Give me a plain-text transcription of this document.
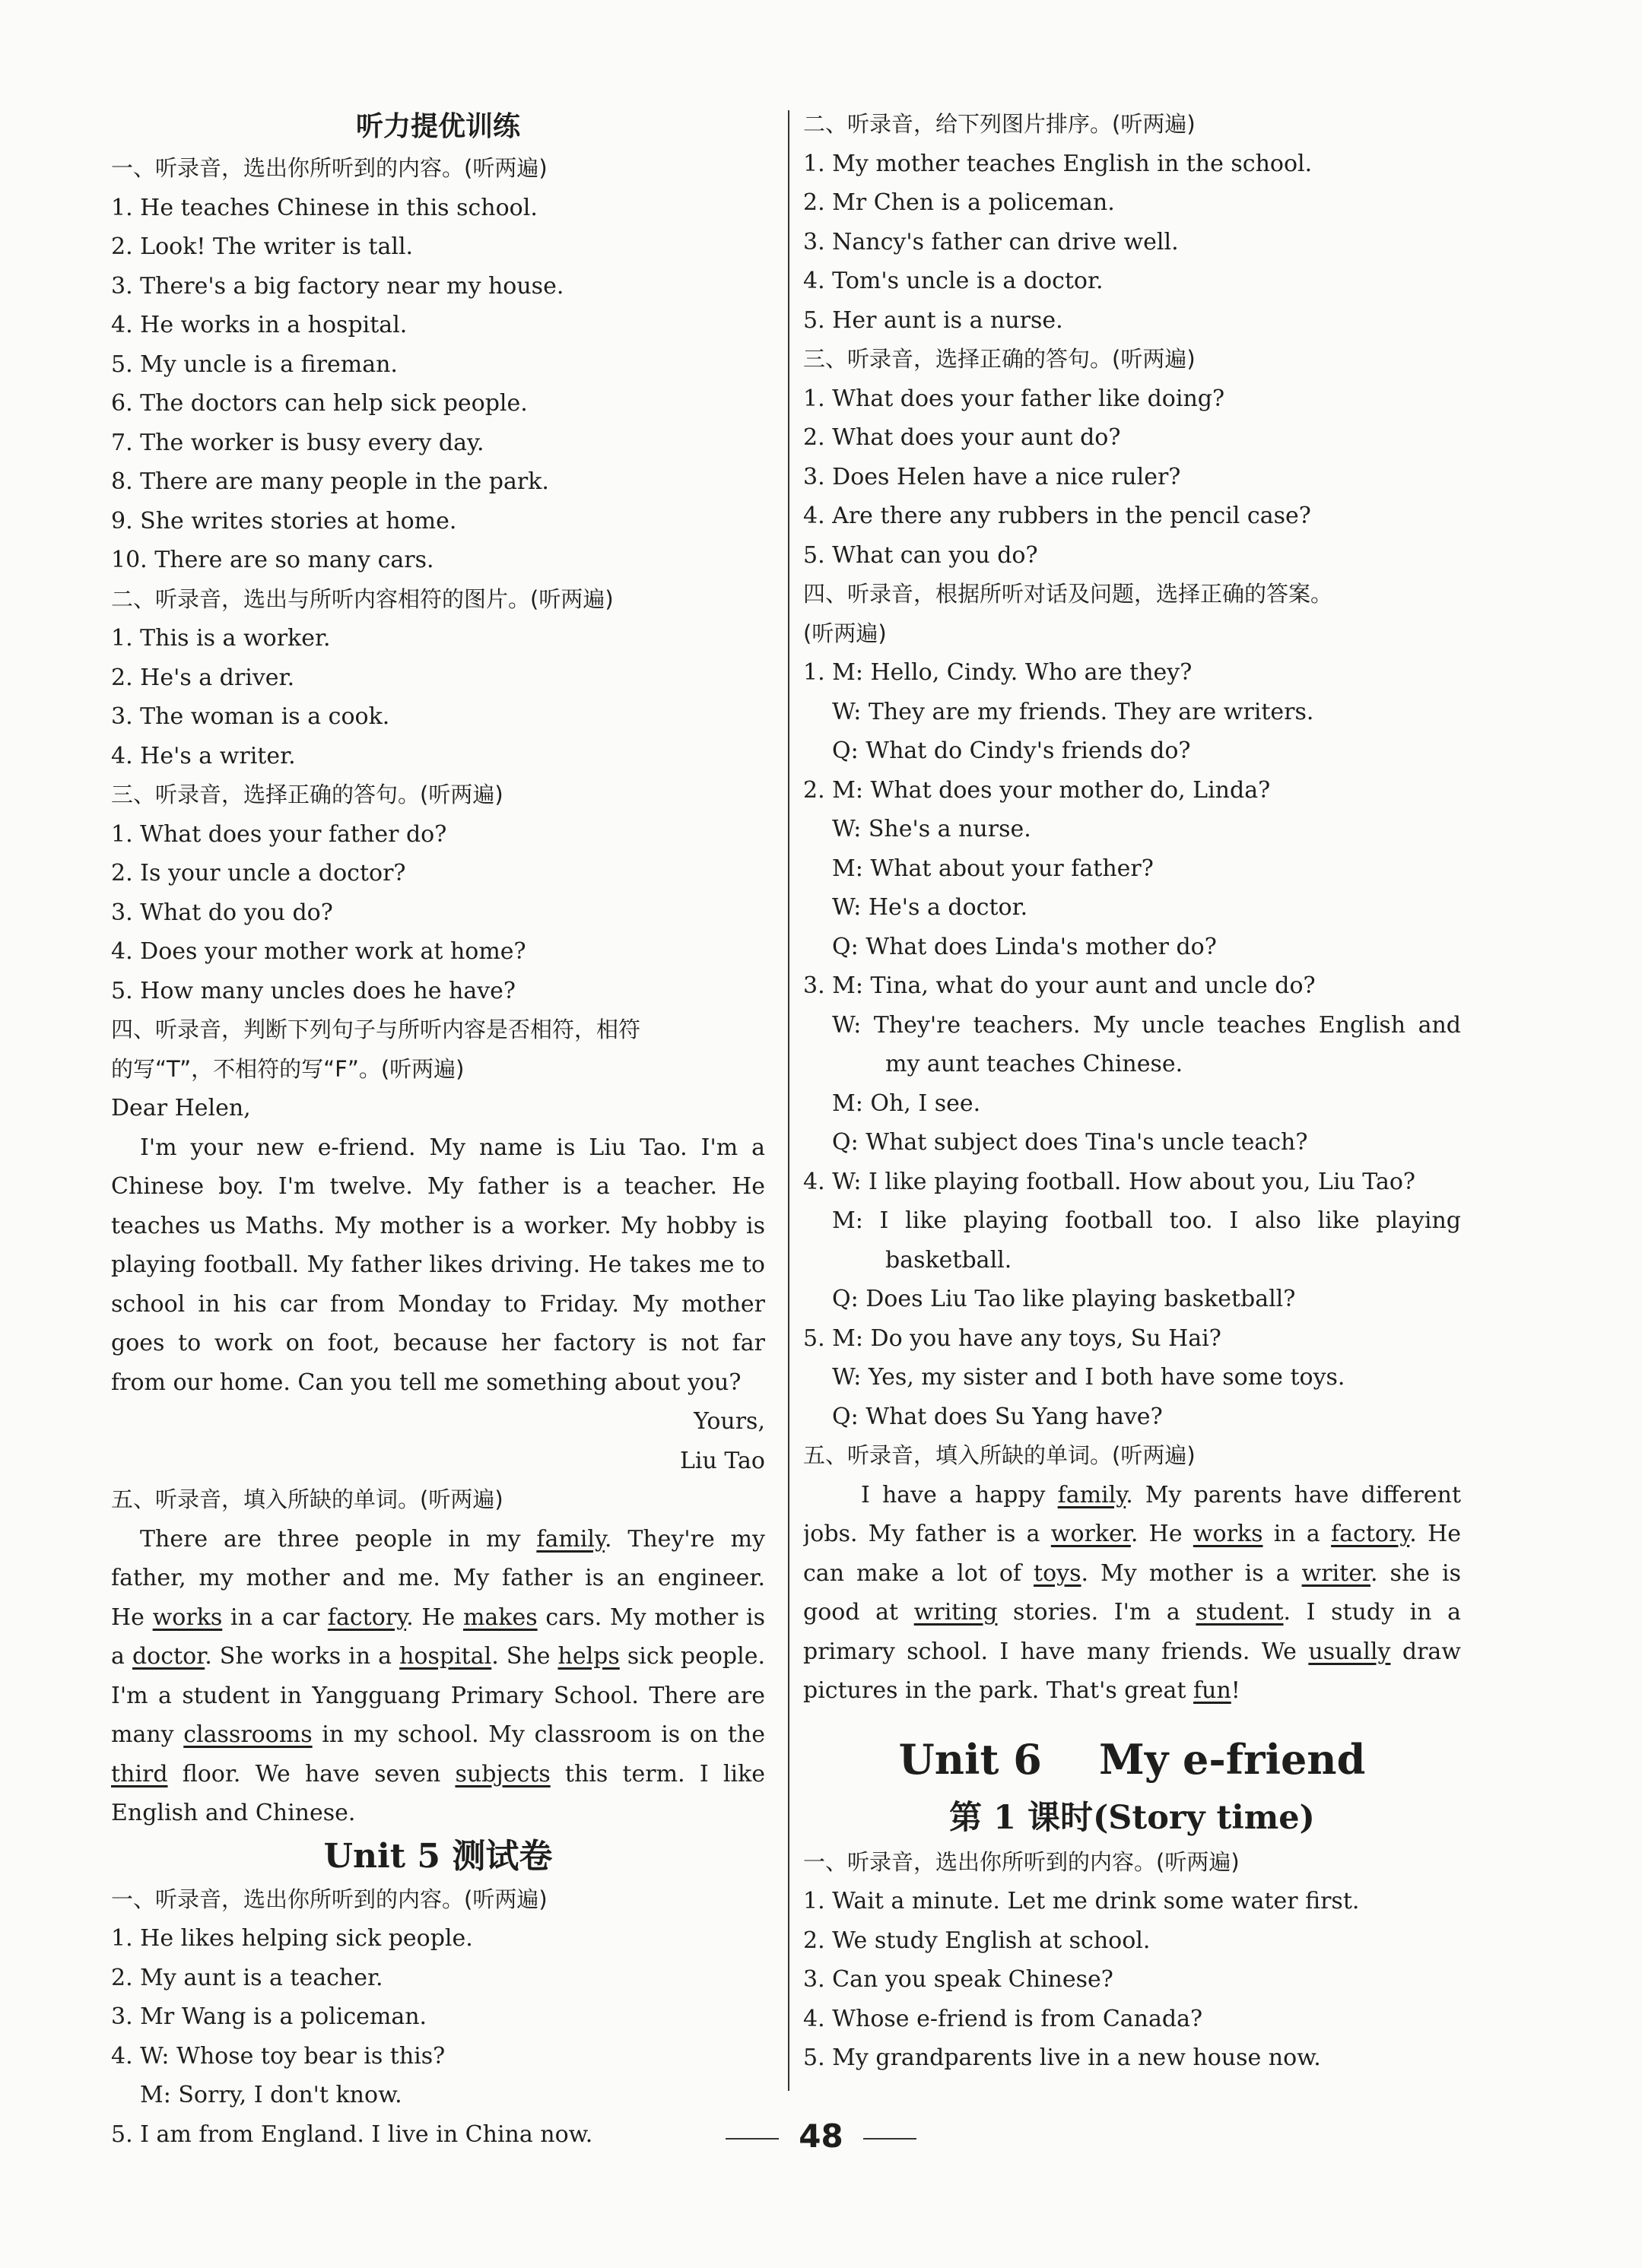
听力提优训练
一、听录音，选出你所听到的内容。(听两遍)
1. He teaches Chinese in this school.
2. Look! The writer is tall.
3. There's a big factory near my house.
4. He works in a hospital.
5. My uncle is a fireman.
6. The doctors can help sick people.
7. The worker is busy every day.
8. There are many people in the park.
9. She writes stories at home.
10. There are so many cars.
二、听录音，选出与所听内容相符的图片。(听两遍)
1. This is a worker.
2. He's a driver.
3. The woman is a cook.
4. He's a writer.
三、听录音，选择正确的答句。(听两遍)
1. What does your father do?
2. Is your uncle a doctor?
3. What do you do?
4. Does your mother work at home?
5. How many uncles does he have?
四、听录音，判断下列句子与所听内容是否相符，相符
的写“T”，不相符的写“F”。(听两遍)
Dear Helen,
I'm your new e-friend. My name is Liu Tao. I'm a
Chinese boy. I'm twelve. My father is a teacher. He
teaches us Maths. My mother is a worker. My hobby is
playing football. My father likes driving. He takes me to
school in his car from Monday to Friday. My mother
goes to work on foot, because her factory is not far
from our home. Can you tell me something about you?
Yours,
Liu Tao
五、听录音，填入所缺的单词。(听两遍)
There are three people in my family. They're my
father, my mother and me. My father is an engineer.
He works in a car factory. He makes cars. My mother is
a doctor. She works in a hospital. She helps sick people.
I'm a student in Yangguang Primary School. There are
many classrooms in my school. My classroom is on the
third floor. We have seven subjects this term. I like
English and Chinese.
Unit 5 测试卷
一、听录音，选出你所听到的内容。(听两遍)
1. He likes helping sick people.
2. My aunt is a teacher.
3. Mr Wang is a policeman.
4. W: Whose toy bear is this?
M: Sorry, I don't know.
5. I am from England. I live in China now.
二、听录音，给下列图片排序。(听两遍)
1. My mother teaches English in the school.
2. Mr Chen is a policeman.
3. Nancy's father can drive well.
4. Tom's uncle is a doctor.
5. Her aunt is a nurse.
三、听录音，选择正确的答句。(听两遍)
1. What does your father like doing?
2. What does your aunt do?
3. Does Helen have a nice ruler?
4. Are there any rubbers in the pencil case?
5. What can you do?
四、听录音，根据所听对话及问题，选择正确的答案。
(听两遍)
1. M: Hello, Cindy. Who are they?
W: They are my friends. They are writers.
Q: What do Cindy's friends do?
2. M: What does your mother do, Linda?
W: She's a nurse.
M: What about your father?
W: He's a doctor.
Q: What does Linda's mother do?
3. M: Tina, what do your aunt and uncle do?
W: They're teachers. My uncle teaches English and
my aunt teaches Chinese.
M: Oh, I see.
Q: What subject does Tina's uncle teach?
4. W: I like playing football. How about you, Liu Tao?
M: I like playing football too. I also like playing
basketball.
Q: Does Liu Tao like playing basketball?
5. M: Do you have any toys, Su Hai?
W: Yes, my sister and I both have some toys.
Q: What does Su Yang have?
五、听录音，填入所缺的单词。(听两遍)
I have a happy family. My parents have different
jobs. My father is a worker. He works in a factory. He
can make a lot of toys. My mother is a writer. she is
good at writing stories. I'm a student. I study in a
primary school. I have many friends. We usually draw
pictures in the park. That's great fun!
Unit 6    My e-friend
第 1 课时(Story time)
一、听录音，选出你所听到的内容。(听两遍)
1. Wait a minute. Let me drink some water first.
2. We study English at school.
3. Can you speak Chinese?
4. Whose e-friend is from Canada?
5. My grandparents live in a new house now.
48
